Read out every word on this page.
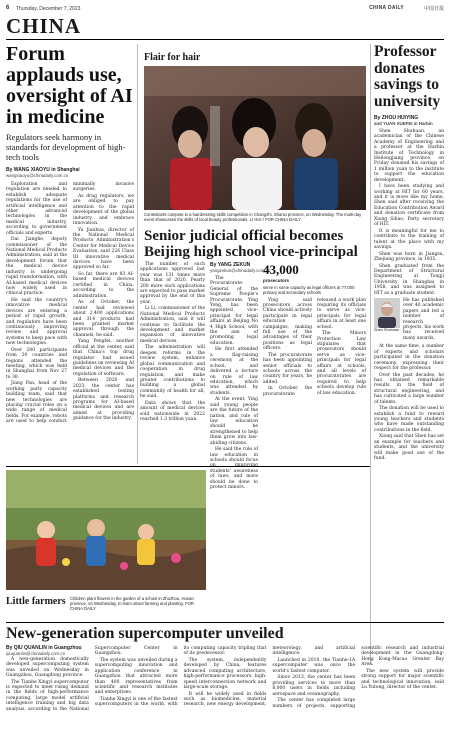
6 Thursday, December 7, 2023	CHINA DAILY	中国日报
CHINA
Forum applauds use, oversight of AI in medicine
Regulators seek harmony in standards for development of high-tech tools
By WANG XIAOYU in Shanghai
wangxiaoyu@chinadaily.com.cn

Exploration and regulation are needed to establish adequate regulations for the use of artificial intelligence and other advanced technologies in the medical industry, according to government officials and experts.

Dai Jianghe, deputy commissioner of the National Medical Products Administration, said at the development forum that the medical device industry is undergoing rapid transformation, with AI-based medical devices now widely used in clinical practice.

He said the country's innovative medical devices are entering a period of rapid growth, and regulators have been continuously improving review and approval systems to keep pace with new technologies.

Over 200 participants from 20 countries and regions attended the meeting, which was held in Shanghai from Nov 27 to 30.

Jiang Pan, head of the working party capacity building team, said that new technologies are placing crucial roles on a wide range of medical fields. For example, robots are used to help conduct minimally invasive surgeries.

As drug regulators, we are obliged to pay attention to the rapid development of the global industry, and embrace innovation.

Yu Jianhua, director of the National Medical Products Administration's Center for Medical Device Evaluation, said 226 Class III innovative medical devices have been approved so far.

So far, there are 83 AI-based medical devices certified in China, according to the administration.

As of October, the center had reviewed about 2,400 applications and 314 products had been granted market approval through the channels, he said.

Yang Pengfei, another official at the center, said that China's top drug regulator had issued guidelines on reviewing AI medical devices and the regulation of software.

Between 2020 and 2023, the center has established testing platforms and research programs for AI-based medical devices and are aimed at providing guidance for the industry.

The number of such applications approved last year was 131 times more than that of 2020. Pearly 200 more such applications are expected to pass market approval by the end of this year.

Li Li, commissioner of the National Medical Products Administration, said it will continue to facilitate the development and market expansion of innovative medical devices.

The administration will deepen reforms in the review system, enhance global communication and cooperation in drug regulation, and make greater contributions to building a global community of health for all, he said.

Data shows that the amount of medical devices sold nationwide in 2022 reached 1.3 trillion yuan.

Flair for hair
Contestants compete in a hairdressing skills competition in Changzhi, Shanxi province, on Wednesday. The multi-day event showcases the skills of local beauty professionals. LI HUI / FOR CHINA DAILY
Senior judicial official becomes Beijing high school vice-principal
By YANG ZEKUN
yangzekun@chinadaily.com.cn

The Procuratorate-General of the Supreme People's Procuratorate, Ying Yong, has been appointed vice-principal for legal affairs at Beijing No 4 High School, with the aim of promoting legal education.

He first attended a flag-raising ceremony at the school, and delivered a lecture on rule of law education, which was attended by students.

At the event, Ying said young people are the future of the nation, and rule of law education should be strengthened to help them grow into law-abiding citizens.

He said the rule of law education in schools should focus students' awareness of laws, and more should be done to protect minors.

43,000
prosecutors
serve in some capacity as legal officers at 77,000 primary and secondary schools

Ying said prosecutors across China should actively participate in legal education campaigns, making full use of the advantages of their positions as legal officers.

The procuratorate has been appointing senior officials to schools across the country for years, he added.

In October, the procuratorate released a work plan requiring its officials to serve as vice-principals for legal affairs in at least one school.

The Minors Protection Law stipulates that prosecutors should serve as vice-principals for legal affairs at schools, and all levels of procuratorates are required to help schools develop rule of law education.

Professor donates savings to university
By ZHOU HUIYING
and YUAN XUEFEI in Harbin

Shen Shuhuan, an academician of the Chinese Academy of Engineering and a professor at the Harbin Institute of Technology in Heilongjiang province, on Friday donated his savings of 1 million yuan to the institute to support the education development.

I have been studying and working at HIT for 60 years, and it is more like my home, Shen said after receiving the Education Contribution Award and donation certificate from Xiong Sihao, Party secretary of HIT.

It is meaningful for me to contribute to the training of talent at the place with my savings.

Shen was born in Jiangsu, Zhejiang province, in 1935.

Shen graduated from the Department of Structural Engineering at Tongji University in Shanghai in 1958, and was assigned to HIT as a graduate student.

Shen Shuhuan

He has published over 40 academic papers and led a number of research projects, his work has received many awards.

At the same time, a number of experts and scholars participated in the donation ceremony, expressing their respect for the professor.

Over the past decades, he has obtained remarkable results in the field of structural engineering, and has cultivated a large number of talents.

The donation will be used to establish a fund to reward young teachers and students who have made outstanding contributions in the field.

Xiong said that Shen has set an example for teachers and students, and the university will make good use of the fund.

Little farmers Children plant flowers in the garden of a school in Zhuzhou, Hunan province, on Wednesday, to learn about farming and planting. FOR CHINA DAILY
New-generation supercomputer unveiled
By QIU QUANLIN in Guangzhou
qiuquanlin@chinadaily.com.cn

A new-generation domestically developed supercomputing system was unveiled on Wednesday in Guangzhou, Guangdong province.

The Tianhe Xingyi supercomputer is expected to meet rising demand in the fields of high-performance computing, large model artificial intelligence training and big data analysis, according to the National Supercomputer Center in Guangzhou.

The system was unveiled during a supercomputing innovation and application conference in Guangzhou that attracted more than 400 representatives from scientific and research institutes and enterprises.

Tianhe Xingyi is one of the fastest supercomputers in the world, with its computing capacity tripling that of its predecessor.

The system, independently developed by China, features advanced computing architecture, high-performance processors, high-speed interconnection network and large-scale storage.

It will be widely used in fields such as biomedicine, material research, new energy development, meteorology, and artificial intelligence.

Launched in 2010, the Tianhe-1A supercomputer was once the world's fastest computer.

Since 2013, the center has been providing services to more than 8,000 users in fields including aerospace and oceanography.

The center has completed large numbers of projects, supporting scientific research and industrial development in the Guangdong-Hong Kong-Macao Greater Bay Area.

The new system will provide strong support for major scientific and technological innovation, said Lu Yutong, director of the center.
